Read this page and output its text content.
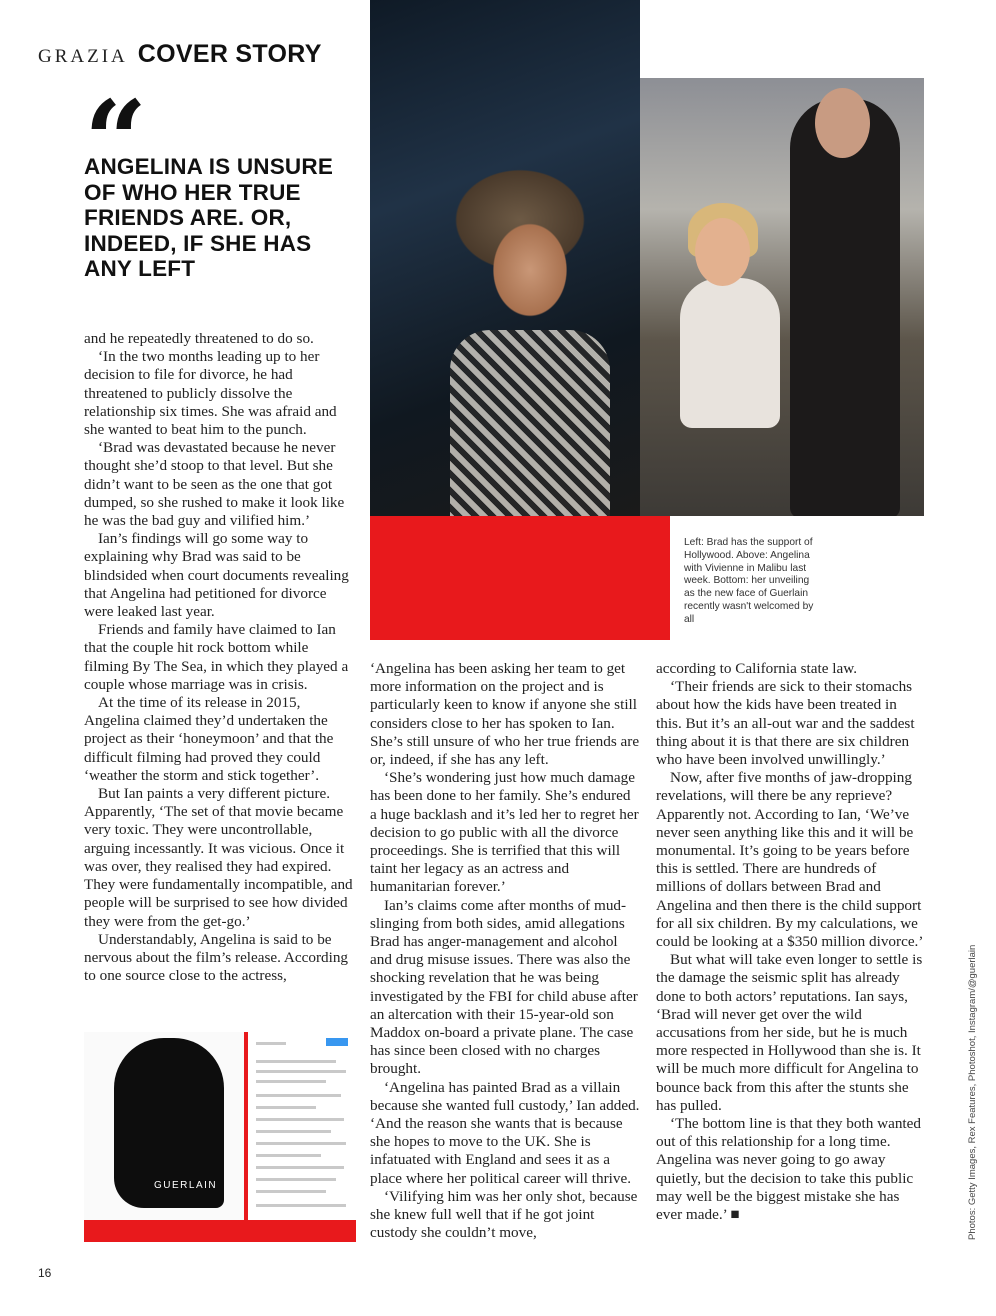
GRAZIA COVER STORY
“
ANGELINA IS UNSURE OF WHO HER TRUE FRIENDS ARE. OR, INDEED, IF SHE HAS ANY LEFT
Left: Brad has the support of Hollywood. Above: Angelina with Vivienne in Malibu last week. Bottom: her unveiling as the new face of Guerlain recently wasn't welcomed by all

and he repeatedly threatened to do so.

‘In the two months leading up to her decision to file for divorce, he had threatened to publicly dissolve the relationship six times. She was afraid and she wanted to beat him to the punch.

‘Brad was devastated because he never thought she’d stoop to that level. But she didn’t want to be seen as the one that got dumped, so she rushed to make it look like he was the bad guy and vilified him.’

Ian’s findings will go some way to explaining why Brad was said to be blindsided when court documents revealing that Angelina had petitioned for divorce were leaked last year.

Friends and family have claimed to Ian that the couple hit rock bottom while filming By The Sea, in which they played a couple whose marriage was in crisis.

At the time of its release in 2015, Angelina claimed they’d undertaken the project as their ‘honeymoon’ and that the difficult filming had proved they could ‘weather the storm and stick together’.

But Ian paints a very different picture. Apparently, ‘The set of that movie became very toxic. They were uncontrollable, arguing incessantly. It was vicious. Once it was over, they realised they had expired. They were fundamentally incompatible, and people will be surprised to see how divided they were from the get-go.’

Understandably, Angelina is said to be nervous about the film’s release. According to one source close to the actress,

GUERLAIN

‘Angelina has been asking her team to get more information on the project and is particularly keen to know if anyone she still considers close to her has spoken to Ian. She’s still unsure of who her true friends are or, indeed, if she has any left.

‘She’s wondering just how much damage has been done to her family. She’s endured a huge backlash and it’s led her to regret her decision to go public with all the divorce proceedings. She is terrified that this will taint her legacy as an actress and humanitarian forever.’

Ian’s claims come after months of mud-slinging from both sides, amid allegations Brad has anger-management and alcohol and drug misuse issues. There was also the shocking revelation that he was being investigated by the FBI for child abuse after an altercation with their 15-year-old son Maddox on-board a private plane. The case has since been closed with no charges brought.

‘Angelina has painted Brad as a villain because she wanted full custody,’ Ian added. ‘And the reason she wants that is because she hopes to move to the UK. She is infatuated with England and sees it as a place where her political career will thrive.

‘Vilifying him was her only shot, because she knew full well that if he got joint custody she couldn’t move,

according to California state law.

‘Their friends are sick to their stomachs about how the kids have been treated in this. But it’s an all-out war and the saddest thing about it is that there are six children who have been involved unwillingly.’

Now, after five months of jaw-dropping revelations, will there be any reprieve? Apparently not. According to Ian, ‘We’ve never seen anything like this and it will be monumental. It’s going to be years before this is settled. There are hundreds of millions of dollars between Brad and Angelina and then there is the child support for all six children. By my calculations, we could be looking at a $350 million divorce.’

But what will take even longer to settle is the damage the seismic split has already done to both actors’ reputations. Ian says, ‘Brad will never get over the wild accusations from her side, but he is much more respected in Hollywood than she is. It will be much more difficult for Angelina to bounce back from this after the stunts she has pulled.

‘The bottom line is that they both wanted out of this relationship for a long time. Angelina was never going to go away quietly, but the decision to take this public may well be the biggest mistake she has ever made.’ ■	Photos: Getty Images, Rex Features, Photoshot, Instagram/@guerlain
16
